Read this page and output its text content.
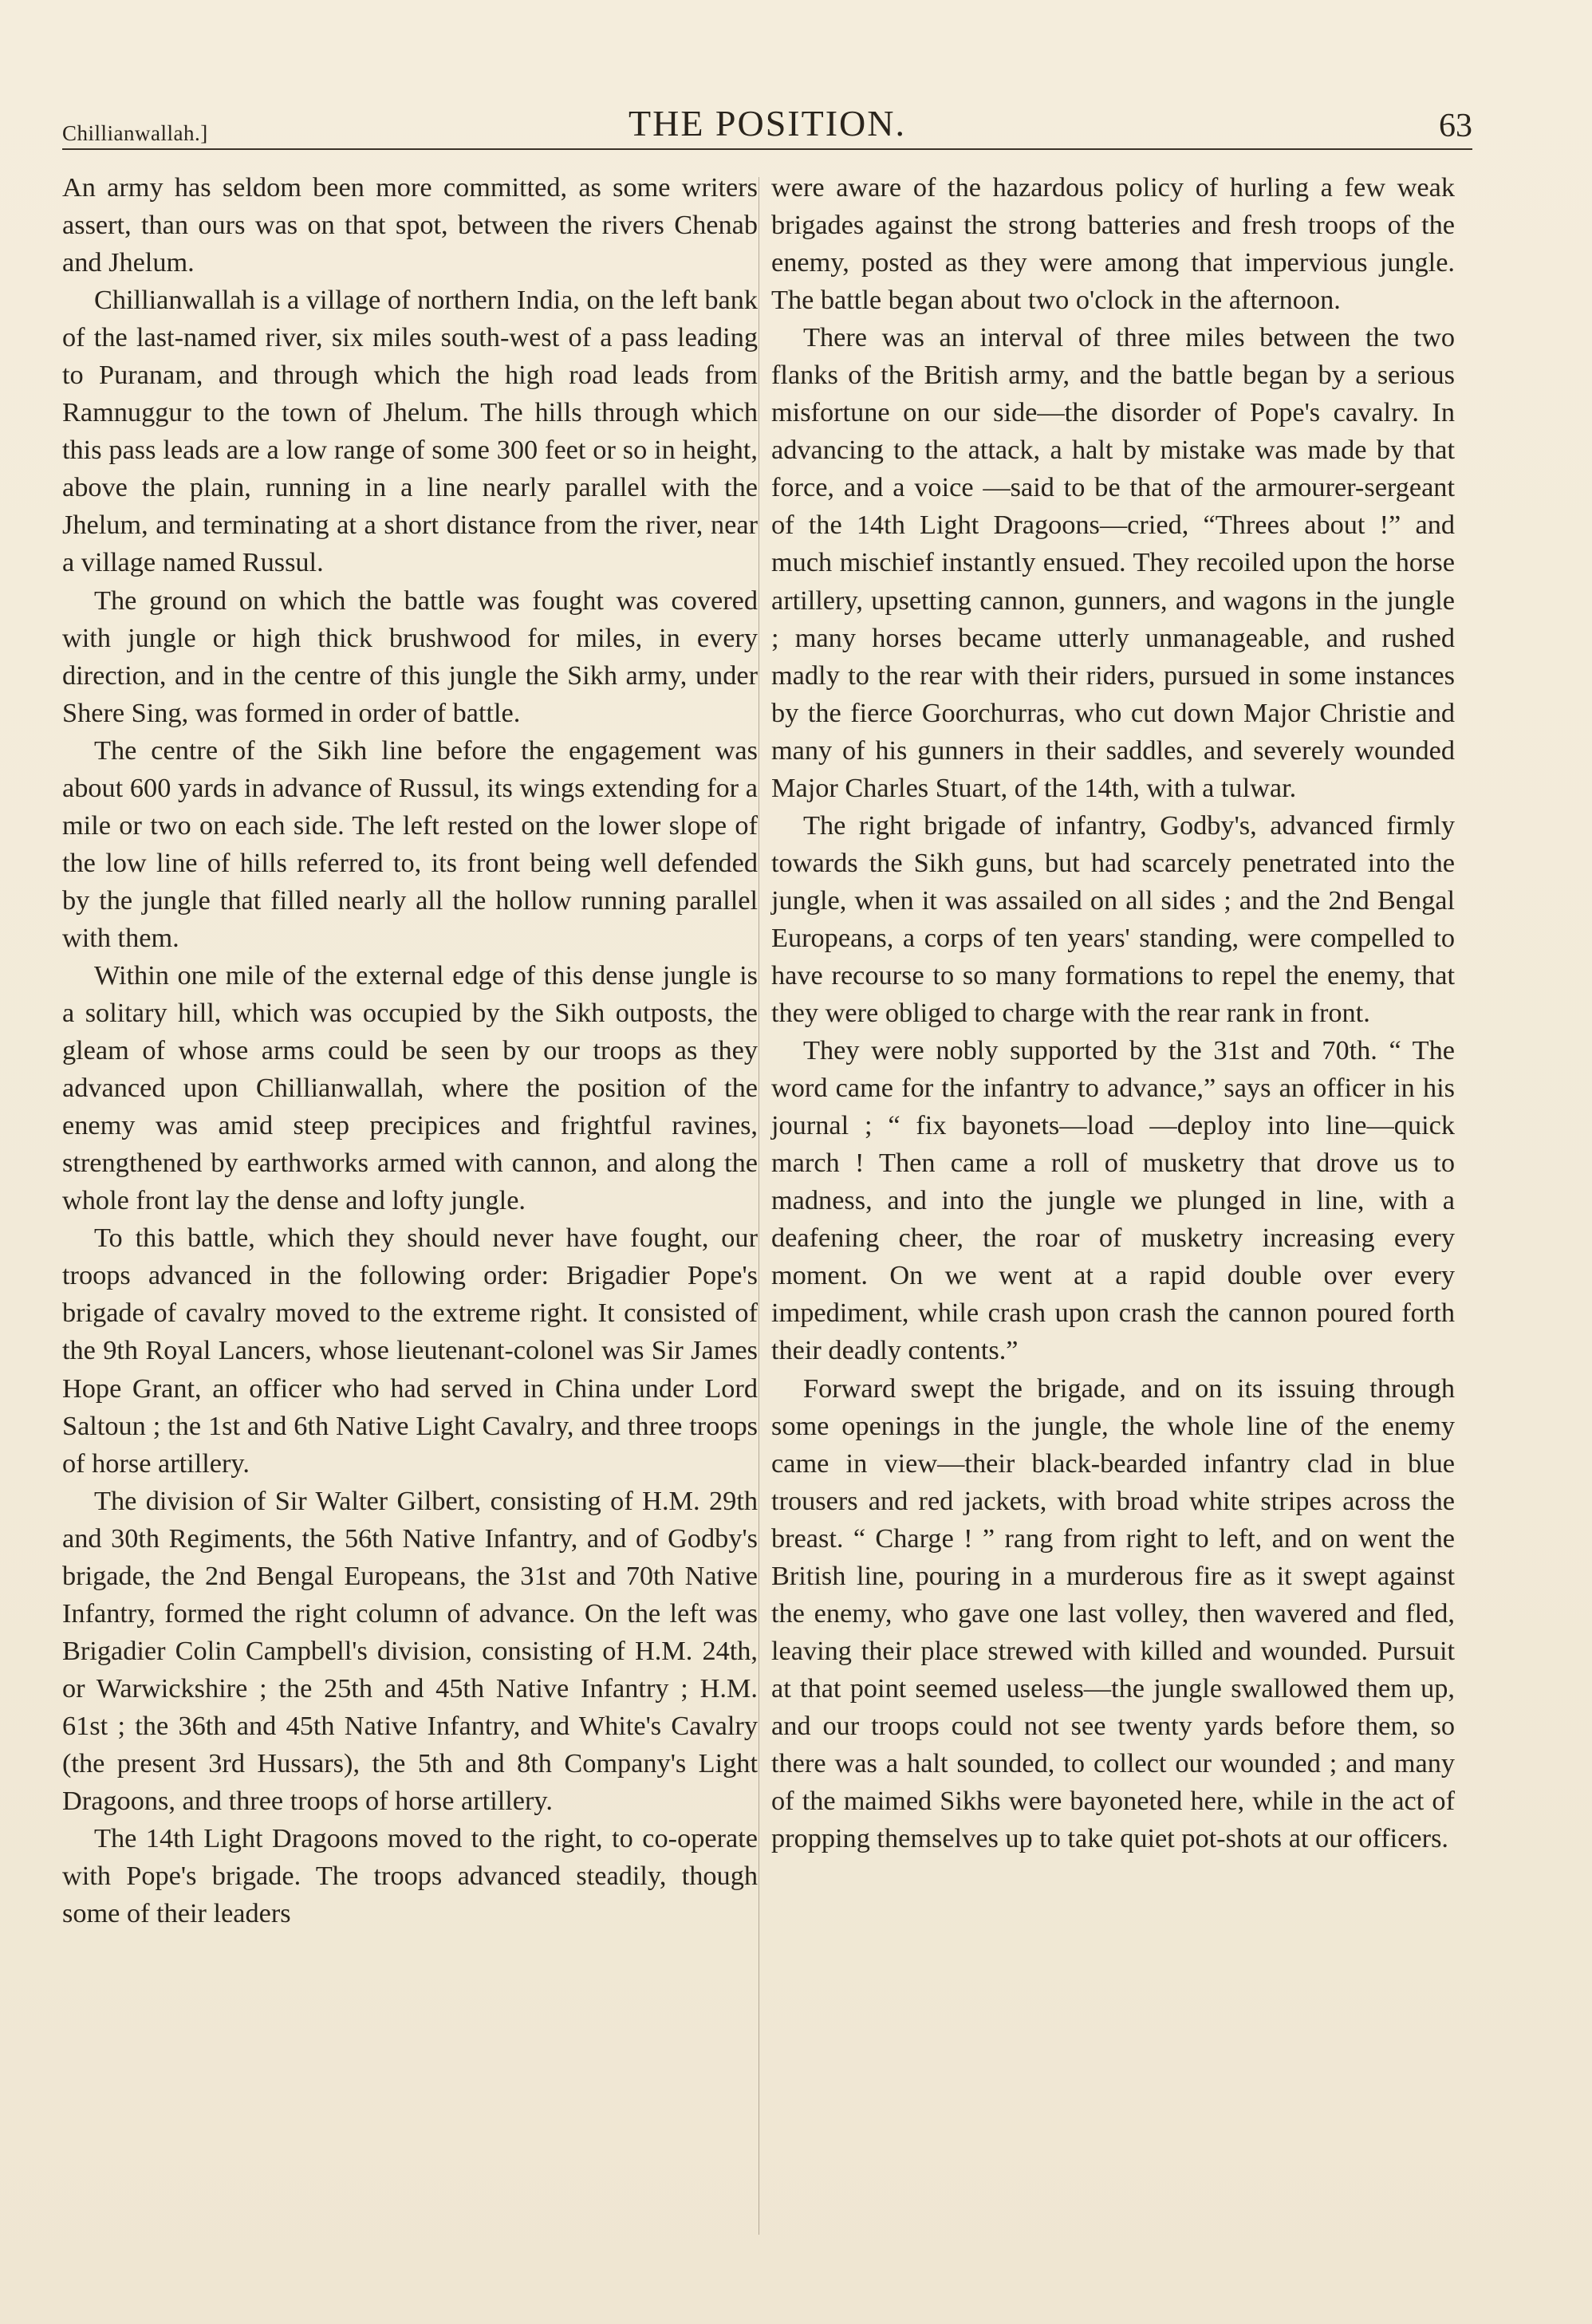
Chillianwallah.]	THE POSITION.	63

An army has seldom been more committed, as some writers assert, than ours was on that spot, between the rivers Chenab and Jhelum.

Chillianwallah is a village of northern India, on the left bank of the last-named river, six miles south-west of a pass leading to Puranam, and through which the high road leads from Ramnuggur to the town of Jhelum. The hills through which this pass leads are a low range of some 300 feet or so in height, above the plain, running in a line nearly parallel with the Jhelum, and terminating at a short distance from the river, near a village named Russul.

The ground on which the battle was fought was covered with jungle or high thick brushwood for miles, in every direction, and in the centre of this jungle the Sikh army, under Shere Sing, was formed in order of battle.

The centre of the Sikh line before the engagement was about 600 yards in advance of Russul, its wings extending for a mile or two on each side. The left rested on the lower slope of the low line of hills referred to, its front being well defended by the jungle that filled nearly all the hollow running parallel with them.

Within one mile of the external edge of this dense jungle is a solitary hill, which was occupied by the Sikh outposts, the gleam of whose arms could be seen by our troops as they advanced upon Chillianwallah, where the position of the enemy was amid steep precipices and frightful ravines, strengthened by earthworks armed with cannon, and along the whole front lay the dense and lofty jungle.

To this battle, which they should never have fought, our troops advanced in the following order: Brigadier Pope's brigade of cavalry moved to the extreme right. It consisted of the 9th Royal Lancers, whose lieutenant-colonel was Sir James Hope Grant, an officer who had served in China under Lord Saltoun ; the 1st and 6th Native Light Cavalry, and three troops of horse artillery.

The division of Sir Walter Gilbert, consisting of H.M. 29th and 30th Regiments, the 56th Native Infantry, and of Godby's brigade, the 2nd Bengal Europeans, the 31st and 70th Native Infantry, formed the right column of advance. On the left was Brigadier Colin Campbell's division, consisting of H.M. 24th, or Warwickshire ; the 25th and 45th Native Infantry ; H.M. 61st ; the 36th and 45th Native Infantry, and White's Cavalry (the present 3rd Hussars), the 5th and 8th Company's Light Dragoons, and three troops of horse artillery.

The 14th Light Dragoons moved to the right, to co-operate with Pope's brigade. The troops advanced steadily, though some of their leaders

were aware of the hazardous policy of hurling a few weak brigades against the strong batteries and fresh troops of the enemy, posted as they were among that impervious jungle. The battle began about two o'clock in the afternoon.

There was an interval of three miles between the two flanks of the British army, and the battle began by a serious misfortune on our side—the disorder of Pope's cavalry. In advancing to the attack, a halt by mistake was made by that force, and a voice —said to be that of the armourer-sergeant of the 14th Light Dragoons—cried, “Threes about !” and much mischief instantly ensued. They recoiled upon the horse artillery, upsetting cannon, gunners, and wagons in the jungle ; many horses became utterly unmanageable, and rushed madly to the rear with their riders, pursued in some instances by the fierce Goorchurras, who cut down Major Christie and many of his gunners in their saddles, and severely wounded Major Charles Stuart, of the 14th, with a tulwar.

The right brigade of infantry, Godby's, advanced firmly towards the Sikh guns, but had scarcely penetrated into the jungle, when it was assailed on all sides ; and the 2nd Bengal Europeans, a corps of ten years' standing, were compelled to have recourse to so many formations to repel the enemy, that they were obliged to charge with the rear rank in front.

They were nobly supported by the 31st and 70th. “ The word came for the infantry to advance,” says an officer in his journal ; “ fix bayonets—load —deploy into line—quick march ! Then came a roll of musketry that drove us to madness, and into the jungle we plunged in line, with a deafening cheer, the roar of musketry increasing every moment. On we went at a rapid double over every impediment, while crash upon crash the cannon poured forth their deadly contents.”

Forward swept the brigade, and on its issuing through some openings in the jungle, the whole line of the enemy came in view—their black-bearded infantry clad in blue trousers and red jackets, with broad white stripes across the breast. “ Charge ! ” rang from right to left, and on went the British line, pouring in a murderous fire as it swept against the enemy, who gave one last volley, then wavered and fled, leaving their place strewed with killed and wounded. Pursuit at that point seemed useless—the jungle swallowed them up, and our troops could not see twenty yards before them, so there was a halt sounded, to collect our wounded ; and many of the maimed Sikhs were bayoneted here, while in the act of propping themselves up to take quiet pot-shots at our officers.
